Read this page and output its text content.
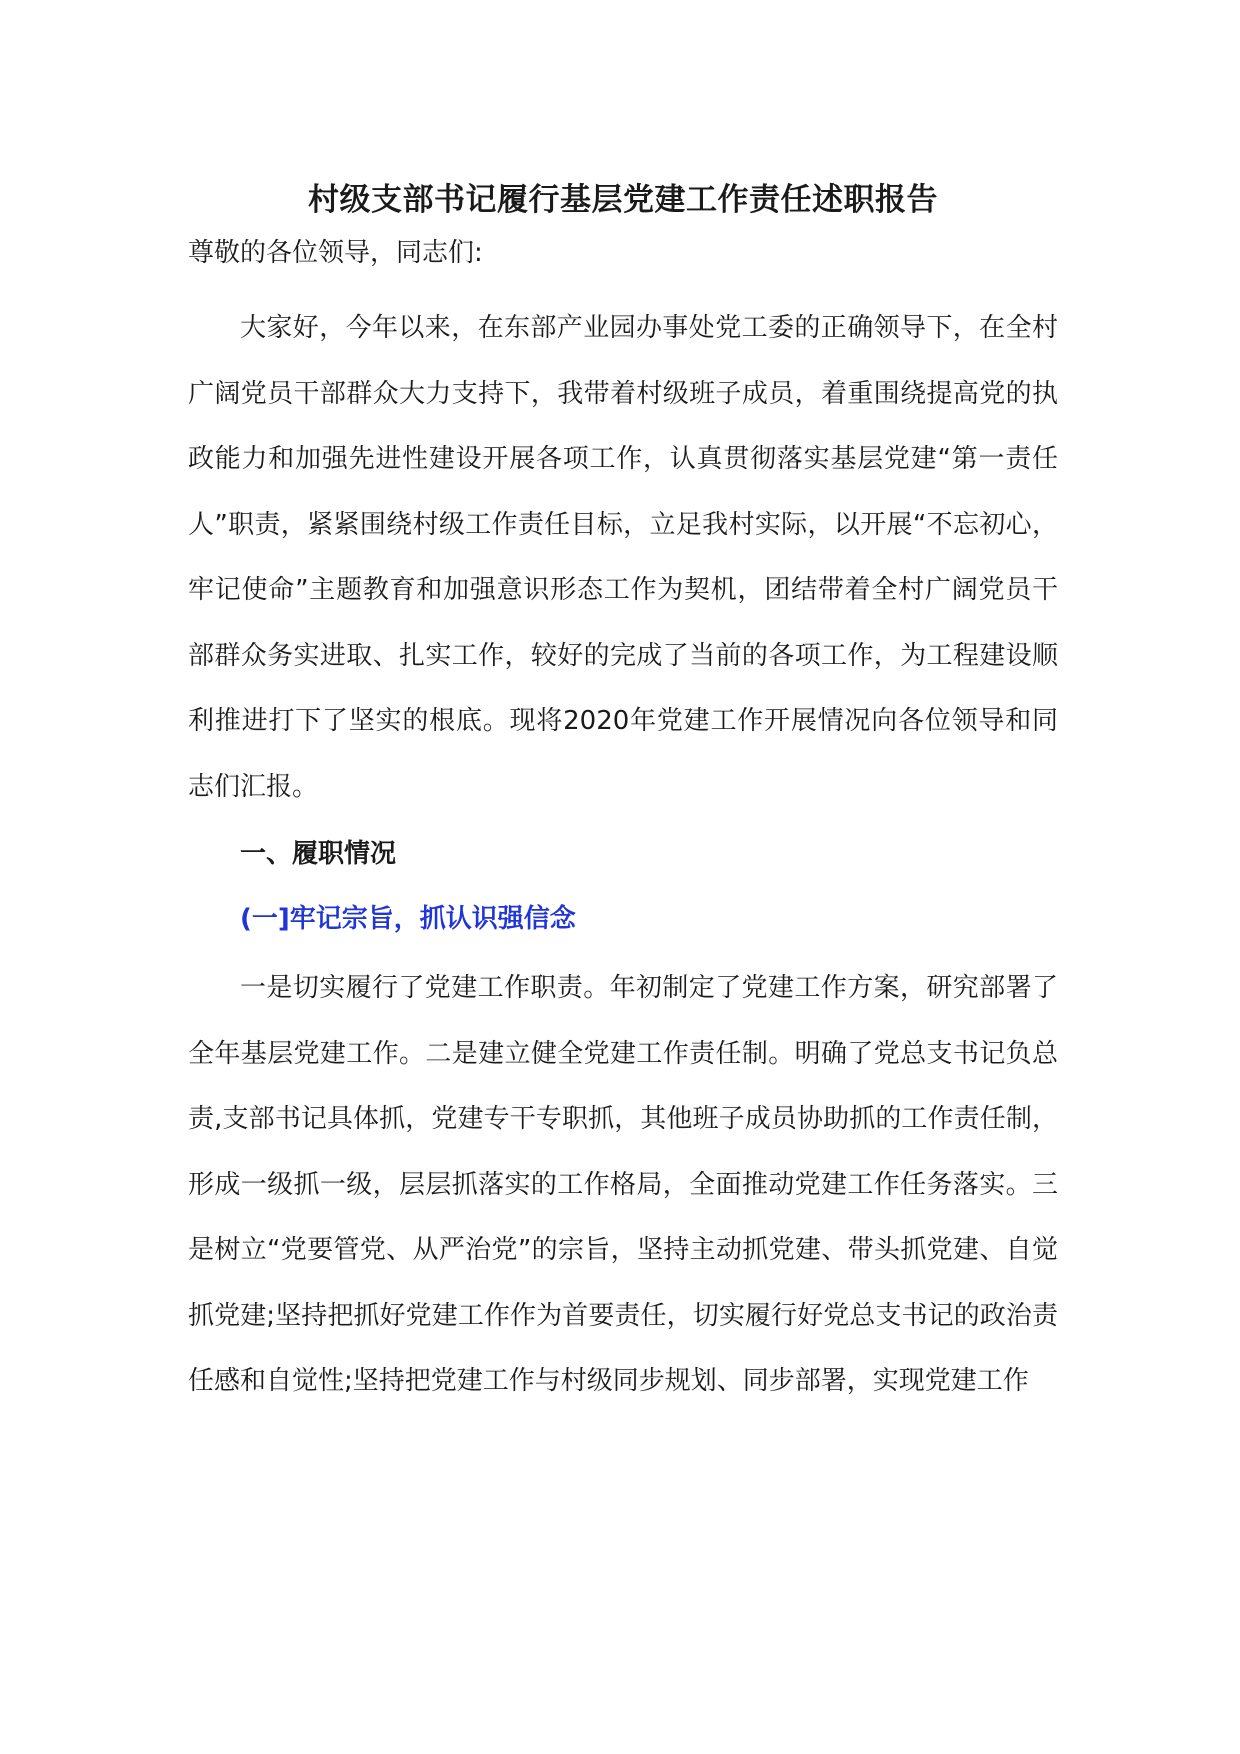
村级支部书记履行基层党建工作责任述职报告

尊敬的各位领导，同志们:

大家好，今年以来，在东部产业园办事处党工委的正确领导下，在全村广阔党员干部群众大力支持下，我带着村级班子成员，着重围绕提高党的执政能力和加强先进性建设开展各项工作，认真贯彻落实基层党建“第一责任人”职责，紧紧围绕村级工作责任目标，立足我村实际，以开展“不忘初心，牢记使命”主题教育和加强意识形态工作为契机，团结带着全村广阔党员干部群众务实进取、扎实工作，较好的完成了当前的各项工作，为工程建设顺利推进打下了坚实的根底。现将2020年党建工作开展情况向各位领导和同志们汇报。

一、履职情况
(一]牢记宗旨，抓认识强信念

一是切实履行了党建工作职责。年初制定了党建工作方案，研究部署了全年基层党建工作。二是建立健全党建工作责任制。明确了党总支书记负总责,支部书记具体抓，党建专干专职抓，其他班子成员协助抓的工作责任制，形成一级抓一级，层层抓落实的工作格局，全面推动党建工作任务落实。三是树立“党要管党、从严治党”的宗旨，坚持主动抓党建、带头抓党建、自觉抓党建;坚持把抓好党建工作作为首要责任，切实履行好党总支书记的政治责任感和自觉性;坚持把党建工作与村级同步规划、同步部署，实现党建工作
